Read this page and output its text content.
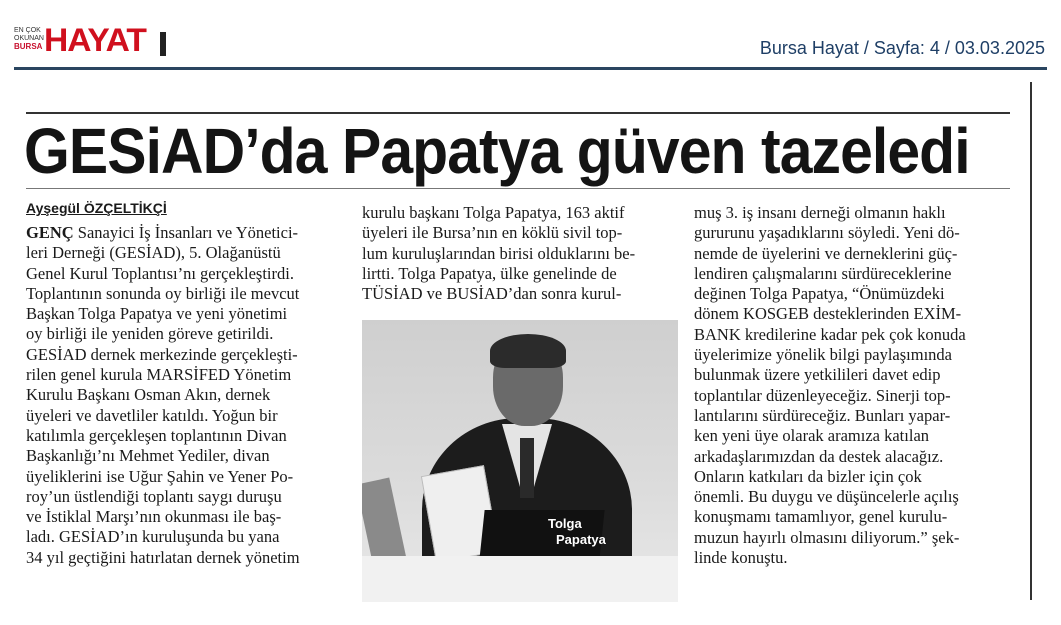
EN ÇOK OKUNAN
BURSA HAYAT	Bursa Hayat / Sayfa: 4 / 03.03.2025
GESiAD’da Papatya güven tazeledi
Ayşegül ÖZÇELTİKÇİ
GENÇ Sanayici İş İnsanları ve Yönetici-
leri Derneği (GESİAD), 5. Olağanüstü
Genel Kurul Toplantısı’nı gerçekleştirdi.
Toplantının sonunda oy birliği ile mevcut
Başkan Tolga Papatya ve yeni yönetimi
oy birliği ile yeniden göreve getirildi.
GESİAD dernek merkezinde gerçekleşti-
rilen genel kurula MARSİFED Yönetim
Kurulu Başkanı Osman Akın, dernek
üyeleri ve davetliler katıldı. Yoğun bir
katılımla gerçekleşen toplantının Divan
Başkanlığı’nı Mehmet Yediler, divan
üyeliklerini ise Uğur Şahin ve Yener Po-
roy’un üstlendiği toplantı saygı duruşu
ve İstiklal Marşı’nın okunması ile baş-
ladı. GESİAD’ın kuruluşunda bu yana
34 yıl geçtiğini hatırlatan dernek yönetim
kurulu başkanı Tolga Papatya, 163 aktif
üyeleri ile Bursa’nın en köklü sivil top-
lum kuruluşlarından birisi olduklarını be-
lirtti. Tolga Papatya, ülke genelinde de
TÜSİAD ve BUSİAD’dan sonra kurul-
muş 3. iş insanı derneği olmanın haklı
gururunu yaşadıklarını söyledi. Yeni dö-
nemde de üyelerini ve derneklerini güç-
lendiren çalışmalarını sürdüreceklerine
değinen Tolga Papatya, “Önümüzdeki
dönem KOSGEB desteklerinden EXİM-
BANK kredilerine kadar pek çok konuda
üyelerimize yönelik bilgi paylaşımında
bulunmak üzere yetkilileri davet edip
toplantılar düzenleyeceğiz. Sinerji top-
lantılarını sürdüreceğiz. Bunları yapar-
ken yeni üye olarak aramıza katılan
arkadaşlarımızdan da destek alacağız.
Onların katkıları da bizler için çok
önemli. Bu duygu ve düşüncelerle açılış
konuşmamı tamamlıyor, genel kurulu-
muzun hayırlı olmasını diliyorum.” şek-
linde konuştu.
Tolga
Papatya
